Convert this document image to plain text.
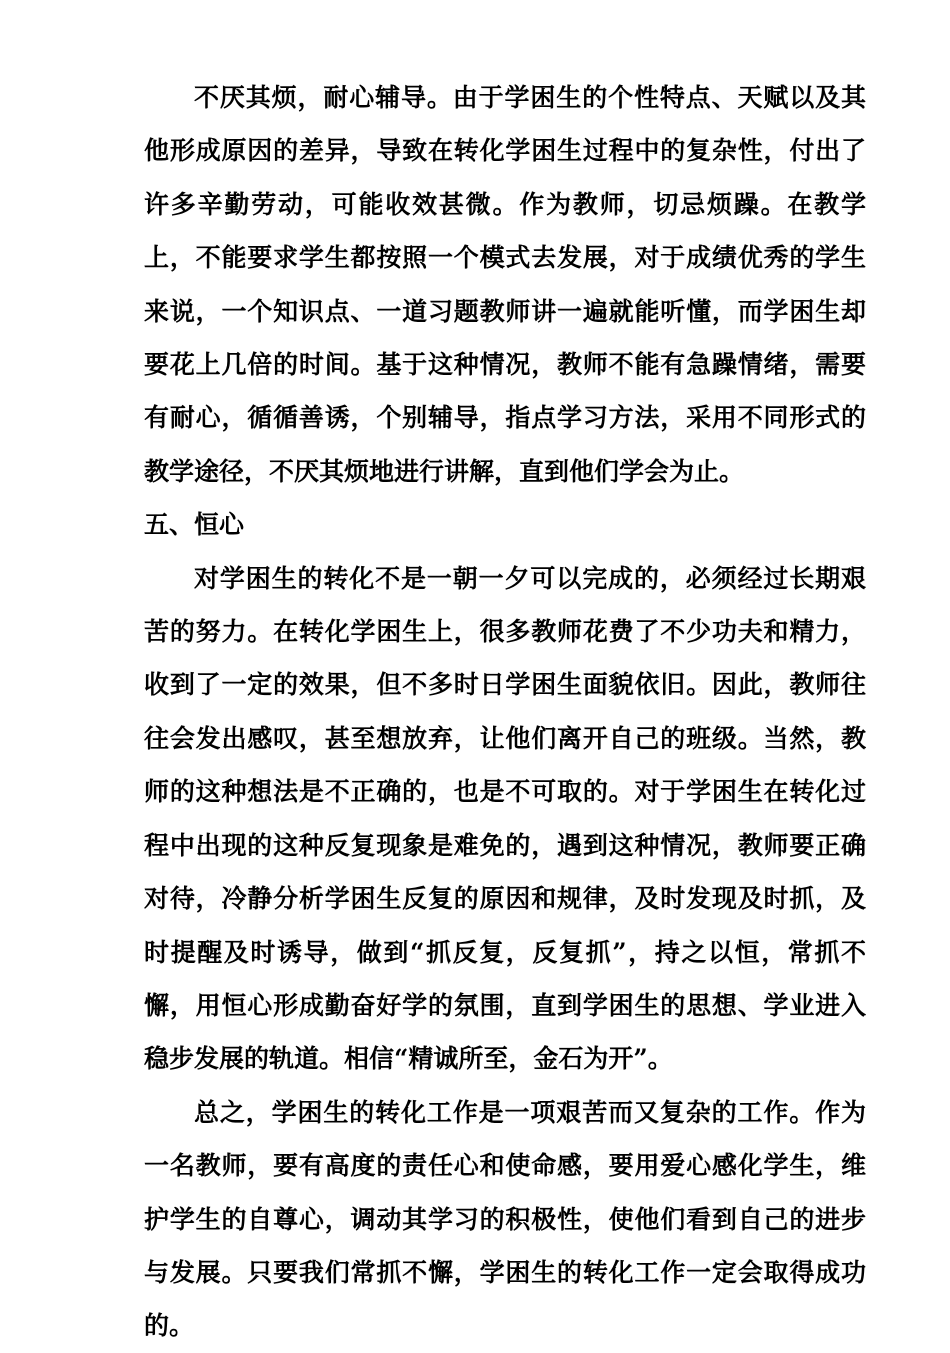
不厌其烦，耐心辅导。由于学困生的个性特点、天赋以及其他形成原因的差异，导致在转化学困生过程中的复杂性，付出了许多辛勤劳动，可能收效甚微。作为教师，切忌烦躁。在教学上，不能要求学生都按照一个模式去发展，对于成绩优秀的学生来说，一个知识点、一道习题教师讲一遍就能听懂，而学困生却要花上几倍的时间。基于这种情况，教师不能有急躁情绪，需要有耐心，循循善诱，个别辅导，指点学习方法，采用不同形式的教学途径，不厌其烦地进行讲解，直到他们学会为止。

五、恒心

对学困生的转化不是一朝一夕可以完成的，必须经过长期艰苦的努力。在转化学困生上，很多教师花费了不少功夫和精力，收到了一定的效果，但不多时日学困生面貌依旧。因此，教师往往会发出感叹，甚至想放弃，让他们离开自己的班级。当然，教师的这种想法是不正确的，也是不可取的。对于学困生在转化过程中出现的这种反复现象是难免的，遇到这种情况，教师要正确对待，冷静分析学困生反复的原因和规律，及时发现及时抓，及时提醒及时诱导，做到“抓反复，反复抓”，持之以恒，常抓不懈，用恒心形成勤奋好学的氛围，直到学困生的思想、学业进入稳步发展的轨道。相信“精诚所至，金石为开”。

总之，学困生的转化工作是一项艰苦而又复杂的工作。作为一名教师，要有高度的责任心和使命感，要用爱心感化学生，维护学生的自尊心，调动其学习的积极性，使他们看到自己的进步与发展。只要我们常抓不懈，学困生的转化工作一定会取得成功的。
